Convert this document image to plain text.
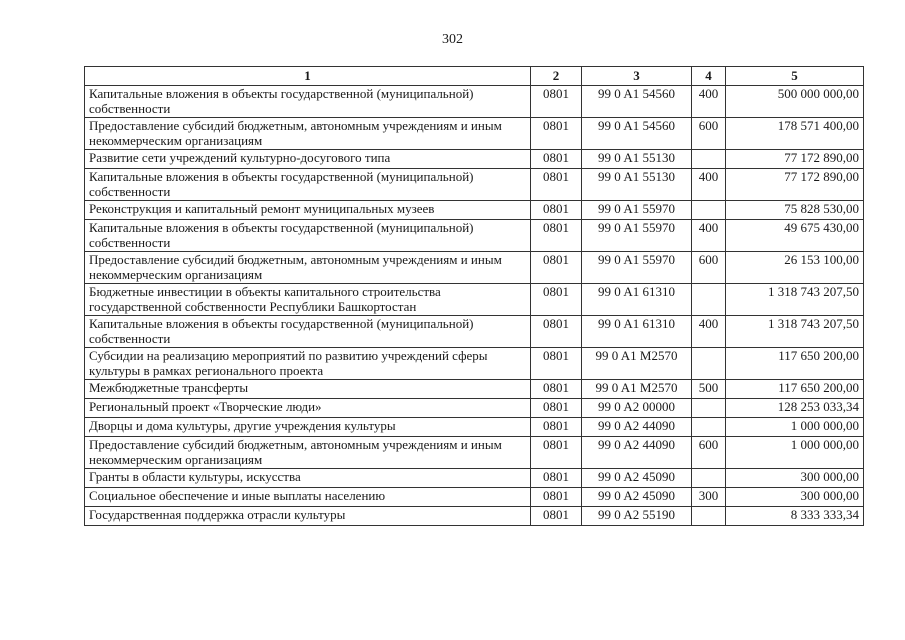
302
1	2	3	4	5
Капитальные вложения в объекты государственной (муниципальной) собственности	0801	99 0 A1 54560	400	500 000 000,00
Предоставление субсидий бюджетным, автономным учреждениям и иным некоммерческим организациям	0801	99 0 A1 54560	600	178 571 400,00
Развитие сети учреждений культурно-досугового типа	0801	99 0 A1 55130		77 172 890,00
Капитальные вложения в объекты государственной (муниципальной) собственности	0801	99 0 A1 55130	400	77 172 890,00
Реконструкция и капитальный ремонт муниципальных музеев	0801	99 0 A1 55970		75 828 530,00
Капитальные вложения в объекты государственной (муниципальной) собственности	0801	99 0 A1 55970	400	49 675 430,00
Предоставление субсидий бюджетным, автономным учреждениям и иным некоммерческим организациям	0801	99 0 A1 55970	600	26 153 100,00
Бюджетные инвестиции в объекты капитального строительства государственной собственности Республики Башкортостан	0801	99 0 A1 61310		1 318 743 207,50
Капитальные вложения в объекты государственной (муниципальной) собственности	0801	99 0 A1 61310	400	1 318 743 207,50
Субсидии на реализацию мероприятий по развитию учреждений сферы культуры в рамках регионального проекта	0801	99 0 A1 M2570		117 650 200,00
Межбюджетные трансферты	0801	99 0 A1 M2570	500	117 650 200,00
Региональный проект «Творческие люди»	0801	99 0 A2 00000		128 253 033,34
Дворцы и дома культуры, другие учреждения культуры	0801	99 0 A2 44090		1 000 000,00
Предоставление субсидий бюджетным, автономным учреждениям и иным некоммерческим организациям	0801	99 0 A2 44090	600	1 000 000,00
Гранты в области культуры, искусства	0801	99 0 A2 45090		300 000,00
Социальное обеспечение и иные выплаты населению	0801	99 0 A2 45090	300	300 000,00
Государственная поддержка отрасли культуры	0801	99 0 A2 55190		8 333 333,34
